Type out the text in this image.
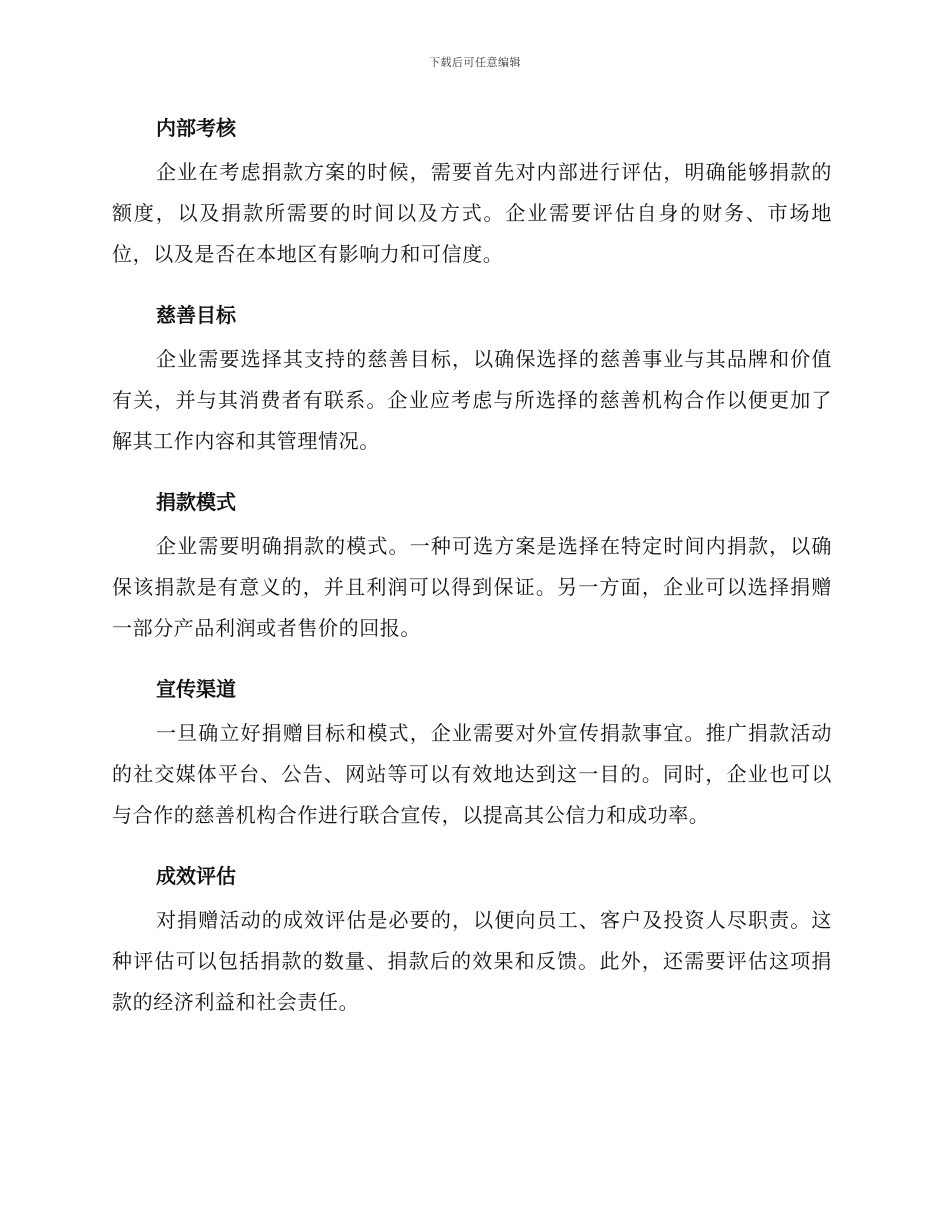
下载后可任意编辑
内部考核

企业在考虑捐款方案的时候，需要首先对内部进行评估，明确能够捐款的额度，以及捐款所需要的时间以及方式。企业需要评估自身的财务、市场地位，以及是否在本地区有影响力和可信度。

慈善目标

企业需要选择其支持的慈善目标，以确保选择的慈善事业与其品牌和价值有关，并与其消费者有联系。企业应考虑与所选择的慈善机构合作以便更加了解其工作内容和其管理情况。

捐款模式

企业需要明确捐款的模式。一种可选方案是选择在特定时间内捐款，以确保该捐款是有意义的，并且利润可以得到保证。另一方面，企业可以选择捐赠一部分产品利润或者售价的回报。

宣传渠道

一旦确立好捐赠目标和模式，企业需要对外宣传捐款事宜。推广捐款活动的社交媒体平台、公告、网站等可以有效地达到这一目的。同时，企业也可以与合作的慈善机构合作进行联合宣传，以提高其公信力和成功率。

成效评估

对捐赠活动的成效评估是必要的，以便向员工、客户及投资人尽职责。这种评估可以包括捐款的数量、捐款后的效果和反馈。此外，还需要评估这项捐款的经济利益和社会责任。
